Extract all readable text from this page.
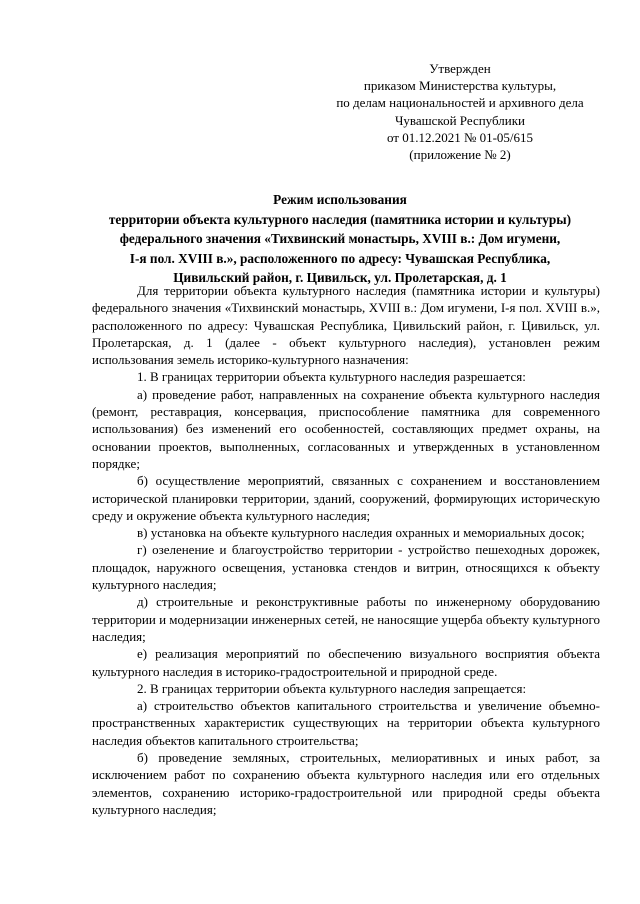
Утвержден
приказом Министерства культуры,
по делам национальностей и архивного дела
Чувашской Республики
от 01.12.2021 № 01-05/615
(приложение № 2)
Режим использования
территории объекта культурного наследия (памятника истории и культуры)
федерального значения «Тихвинский монастырь, XVIII в.: Дом игумени,
I-я пол. XVIII в.», расположенного по адресу: Чувашская Республика,
Цивильский район, г. Цивильск, ул. Пролетарская, д. 1

Для территории объекта культурного наследия (памятника истории и культуры) федерального значения «Тихвинский монастырь, XVIII в.: Дом игумени, I-я пол. XVIII в.», расположенного по адресу: Чувашская Республика, Цивильский район, г. Цивильск, ул. Пролетарская, д. 1 (далее - объект культурного наследия), установлен режим использования земель историко-культурного назначения:

1. В границах территории объекта культурного наследия разрешается:

а) проведение работ, направленных на сохранение объекта культурного наследия (ремонт, реставрация, консервация, приспособление памятника для современного использования) без изменений его особенностей, составляющих предмет охраны, на основании проектов, выполненных, согласованных и утвержденных в установленном порядке;

б) осуществление мероприятий, связанных с сохранением и восстановлением исторической планировки территории, зданий, сооружений, формирующих историческую среду и окружение объекта культурного наследия;

в) установка на объекте культурного наследия охранных и мемориальных досок;

г) озеленение и благоустройство территории - устройство пешеходных дорожек, площадок, наружного освещения, установка стендов и витрин, относящихся к объекту культурного наследия;

д) строительные и реконструктивные работы по инженерному оборудованию территории и модернизации инженерных сетей, не наносящие ущерба объекту культурного наследия;

е) реализация мероприятий по обеспечению визуального восприятия объекта культурного наследия в историко-градостроительной и природной среде.

2. В границах территории объекта культурного наследия запрещается:

а) строительство объектов капитального строительства и увеличение объемно-пространственных характеристик существующих на территории объекта культурного наследия объектов капитального строительства;

б) проведение земляных, строительных, мелиоративных и иных работ, за исключением работ по сохранению объекта культурного наследия или его отдельных элементов, сохранению историко-градостроительной или природной среды объекта культурного наследия;
